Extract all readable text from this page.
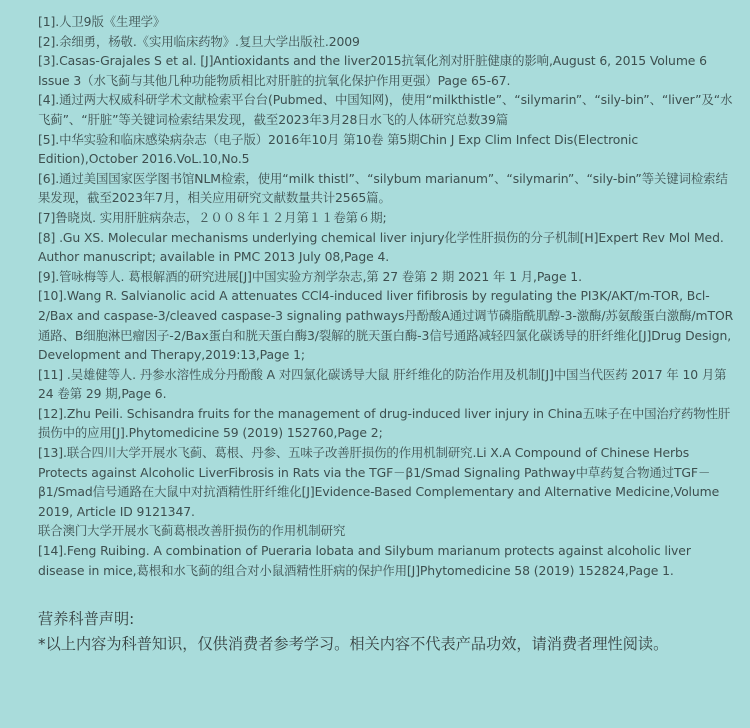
[1].人卫9版《生理学》

[2].余细勇，杨敬.《实用临床药物》.复旦大学出版社.2009

[3].Casas-Grajales S et al. [J]Antioxidants and the liver2015抗氧化剂对肝脏健康的影响,August 6, 2015 Volume 6 Issue 3（水飞蓟与其他几种功能物质相比对肝脏的抗氧化保护作用更强）Page 65-67.

[4].通过两大权威科研学术文献检索平台台(Pubmed、中国知网)，使用“milkthistle”、“silymarin”、“sily-bin”、“liver”及“水飞蓟”、“肝脏”等关键词检索结果发现，截至2023年3月28日水飞的人体研究总数39篇

[5].中华实验和临床感染病杂志（电子版）2016年10月 第10卷 第5期Chin J Exp Clim Infect Dis(Electronic Edition),October 2016.VoL.10,No.5

[6].通过美国国家医学图书馆NLM检索，使用“milk thistl”、“silybum marianum”、“silymarin”、“sily-bin”等关键词检索结果发现，截至2023年7月，相关应用研究文献数量共计2565篇。

[7]鲁晓岚. 实用肝脏病杂志，２００８年１２月第１１卷第６期;

[8] .Gu XS. Molecular mechanisms underlying chemical liver injury化学性肝损伤的分子机制[H]Expert Rev Mol Med. Author manuscript; available in PMC 2013 July 08,Page 4.

[9].管咏梅等人. 葛根解酒的研究进展[J]中国实验方剂学杂志,第 27 卷第 2 期 2021 年 1 月,Page 1.

[10].Wang R. Salvianolic acid A attenuates CCl4-induced liver fifibrosis by regulating the PI3K/AKT/m-TOR, Bcl-2/Bax and caspase-3/cleaved caspase-3 signaling pathways丹酚酸A通过调节磷脂酰肌醇-3-激酶/苏氨酸蛋白激酶/mTOR通路、B细胞淋巴瘤因子-2/Bax蛋白和胱天蛋白酶3/裂解的胱天蛋白酶-3信号通路减轻四氯化碳诱导的肝纤维化[J]Drug Design, Development and Therapy,2019:13,Page 1;

[11] .吴雄健等人. 丹参水溶性成分丹酚酸 A 对四氯化碳诱导大鼠 肝纤维化的防治作用及机制[J]中国当代医药 2017 年 10 月第 24 卷第 29 期,Page 6.

[12].Zhu Peili. Schisandra fruits for the management of drug-induced liver injury in China五味子在中国治疗药物性肝损伤中的应用[J].Phytomedicine 59 (2019) 152760,Page 2;

[13].联合四川大学开展水飞蓟、葛根、丹参、五味子改善肝损伤的作用机制研究.Li X.A Compound of Chinese Herbs Protects against Alcoholic LiverFibrosis in Rats via the TGF－β1/Smad Signaling Pathway中草药复合物通过TGF－β1/Smad信号通路在大鼠中对抗酒精性肝纤维化[J]Evidence-Based Complementary and Alternative Medicine,Volume 2019, Article ID 9121347.

联合澳门大学开展水飞蓟葛根改善肝损伤的作用机制研究

[14].Feng Ruibing. A combination of Pueraria lobata and Silybum marianum protects against alcoholic liver disease in mice,葛根和水飞蓟的组合对小鼠酒精性肝病的保护作用[J]Phytomedicine 58 (2019) 152824,Page 1.

营养科普声明:

*以上内容为科普知识，仅供消费者参考学习。相关内容不代表产品功效，请消费者理性阅读。
